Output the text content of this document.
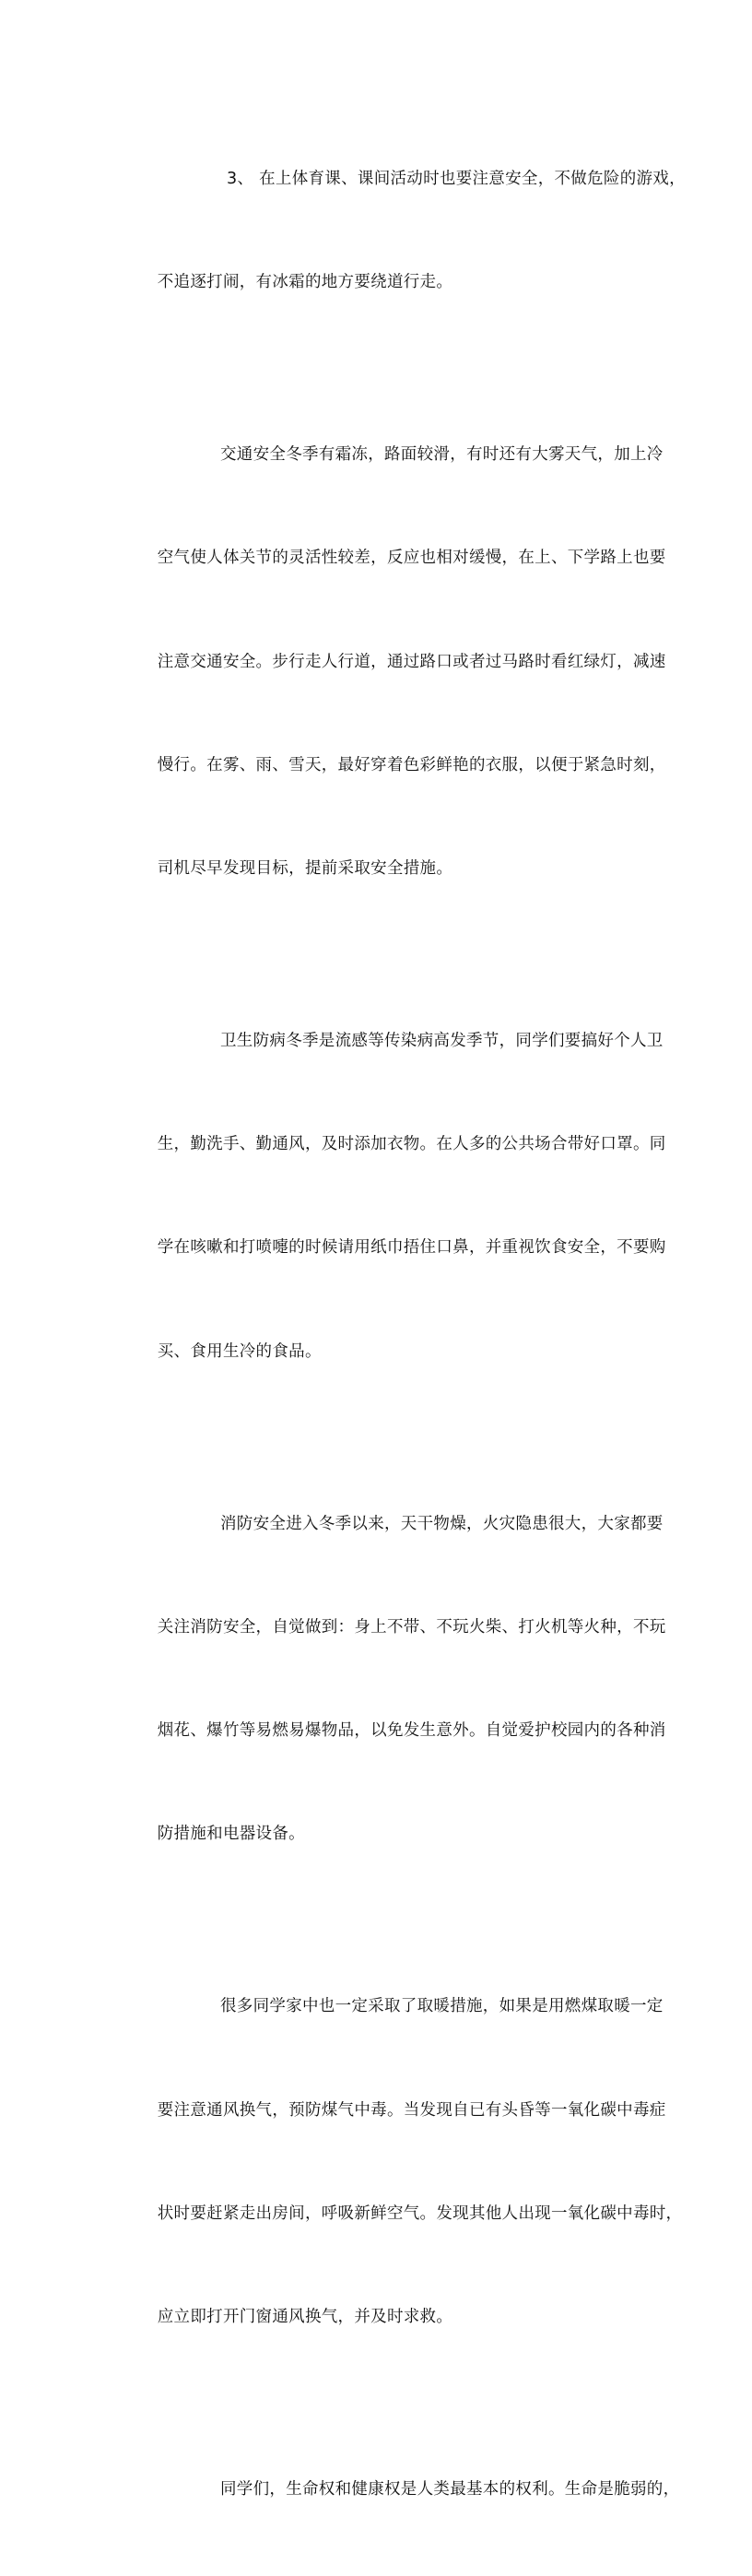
3、 在上体育课、课间活动时也要注意安全，不做危险的游戏，

不追逐打闹，有冰霜的地方要绕道行走。

交通安全冬季有霜冻，路面较滑，有时还有大雾天气，加上冷

空气使人体关节的灵活性较差，反应也相对缓慢，在上、下学路上也要

注意交通安全。步行走人行道，通过路口或者过马路时看红绿灯，减速

慢行。在雾、雨、雪天，最好穿着色彩鲜艳的衣服，以便于紧急时刻，

司机尽早发现目标，提前采取安全措施。

卫生防病冬季是流感等传染病高发季节，同学们要搞好个人卫

生，勤洗手、勤通风，及时添加衣物。在人多的公共场合带好口罩。同

学在咳嗽和打喷嚏的时候请用纸巾捂住口鼻，并重视饮食安全，不要购

买、食用生冷的食品。

消防安全进入冬季以来，天干物燥，火灾隐患很大，大家都要

关注消防安全，自觉做到：身上不带、不玩火柴、打火机等火种，不玩

烟花、爆竹等易燃易爆物品，以免发生意外。自觉爱护校园内的各种消

防措施和电器设备。

很多同学家中也一定采取了取暖措施，如果是用燃煤取暖一定

要注意通风换气，预防煤气中毒。当发现自已有头昏等一氧化碳中毒症

状时要赶紧走出房间，呼吸新鲜空气。发现其他人出现一氧化碳中毒时，

应立即打开门窗通风换气，并及时求救。

同学们，生命权和健康权是人类最基本的权利。生命是脆弱的，
